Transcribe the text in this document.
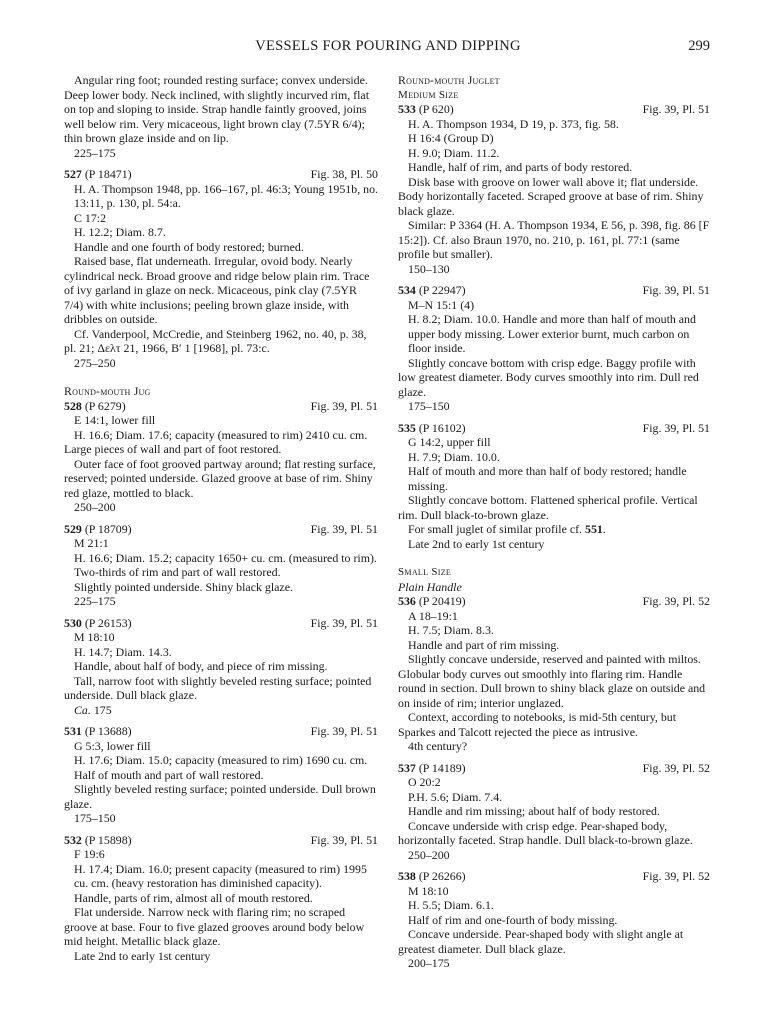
VESSELS FOR POURING AND DIPPING	299

Angular ring foot; rounded resting surface; convex underside. Deep lower body. Neck inclined, with slightly incurved rim, flat on top and sloping to inside. Strap handle faintly grooved, joins well below rim. Very micaceous, light brown clay (7.5YR 6/4); thin brown glaze inside and on lip.

225–175

527 (P 18471)	Fig. 38, Pl. 50

H. A. Thompson 1948, pp. 166–167, pl. 46:3; Young 1951b, no. 13:11, p. 130, pl. 54:a.

C 17:2

H. 12.2; Diam. 8.7.

Handle and one fourth of body restored; burned.

Raised base, flat underneath. Irregular, ovoid body. Nearly cylindrical neck. Broad groove and ridge below plain rim. Trace of ivy garland in glaze on neck. Micaceous, pink clay (7.5YR 7/4) with white inclusions; peeling brown glaze inside, with dribbles on outside.

Cf. Vanderpool, McCredie, and Steinberg 1962, no. 40, p. 38, pl. 21; Δελτ 21, 1966, Β′ 1 [1968], pl. 73:c.

275–250

Round-mouth Jug

528 (P 6279)	Fig. 39, Pl. 51

E 14:1, lower fill

H. 16.6; Diam. 17.6; capacity (measured to rim) 2410 cu. cm.

Large pieces of wall and part of foot restored.

Outer face of foot grooved partway around; flat resting surface, reserved; pointed underside. Glazed groove at base of rim. Shiny red glaze, mottled to black.

250–200

529 (P 18709)	Fig. 39, Pl. 51

M 21:1

H. 16.6; Diam. 15.2; capacity 1650+ cu. cm. (measured to rim).

Two-thirds of rim and part of wall restored.

Slightly pointed underside. Shiny black glaze.

225–175

530 (P 26153)	Fig. 39, Pl. 51

M 18:10

H. 14.7; Diam. 14.3.

Handle, about half of body, and piece of rim missing.

Tall, narrow foot with slightly beveled resting surface; pointed underside. Dull black glaze.

Ca. 175

531 (P 13688)	Fig. 39, Pl. 51

G 5:3, lower fill

H. 17.6; Diam. 15.0; capacity (measured to rim) 1690 cu. cm.

Half of mouth and part of wall restored.

Slightly beveled resting surface; pointed underside. Dull brown glaze.

175–150

532 (P 15898)	Fig. 39, Pl. 51

F 19:6

H. 17.4; Diam. 16.0; present capacity (measured to rim) 1995 cu. cm. (heavy restoration has diminished capacity).

Handle, parts of rim, almost all of mouth restored.

Flat underside. Narrow neck with flaring rim; no scraped groove at base. Four to five glazed grooves around body below mid height. Metallic black glaze.

Late 2nd to early 1st century

Round-mouth Juglet

Medium Size

533 (P 620)	Fig. 39, Pl. 51

H. A. Thompson 1934, D 19, p. 373, fig. 58.

H 16:4 (Group D)

H. 9.0; Diam. 11.2.

Handle, half of rim, and parts of body restored.

Disk base with groove on lower wall above it; flat underside. Body horizontally faceted. Scraped groove at base of rim. Shiny black glaze.

Similar: P 3364 (H. A. Thompson 1934, E 56, p. 398, fig. 86 [F 15:2]). Cf. also Braun 1970, no. 210, p. 161, pl. 77:1 (same profile but smaller).

150–130

534 (P 22947)	Fig. 39, Pl. 51

M–N 15:1 (4)

H. 8.2; Diam. 10.0. Handle and more than half of mouth and upper body missing. Lower exterior burnt, much carbon on floor inside.

Slightly concave bottom with crisp edge. Baggy profile with low greatest diameter. Body curves smoothly into rim. Dull red glaze.

175–150

535 (P 16102)	Fig. 39, Pl. 51

G 14:2, upper fill

H. 7.9; Diam. 10.0.

Half of mouth and more than half of body restored; handle missing.

Slightly concave bottom. Flattened spherical profile. Vertical rim. Dull black-to-brown glaze.

For small juglet of similar profile cf. 551.

Late 2nd to early 1st century

Small Size

Plain Handle

536 (P 20419)	Fig. 39, Pl. 52

A 18–19:1

H. 7.5; Diam. 8.3.

Handle and part of rim missing.

Slightly concave underside, reserved and painted with miltos. Globular body curves out smoothly into flaring rim. Handle round in section. Dull brown to shiny black glaze on outside and on inside of rim; interior unglazed.

Context, according to notebooks, is mid-5th century, but Sparkes and Talcott rejected the piece as intrusive.

4th century?

537 (P 14189)	Fig. 39, Pl. 52

O 20:2

P.H. 5.6; Diam. 7.4.

Handle and rim missing; about half of body restored.

Concave underside with crisp edge. Pear-shaped body, horizontally faceted. Strap handle. Dull black-to-brown glaze.

250–200

538 (P 26266)	Fig. 39, Pl. 52

M 18:10

H. 5.5; Diam. 6.1.

Half of rim and one-fourth of body missing.

Concave underside. Pear-shaped body with slight angle at greatest diameter. Dull black glaze.

200–175
